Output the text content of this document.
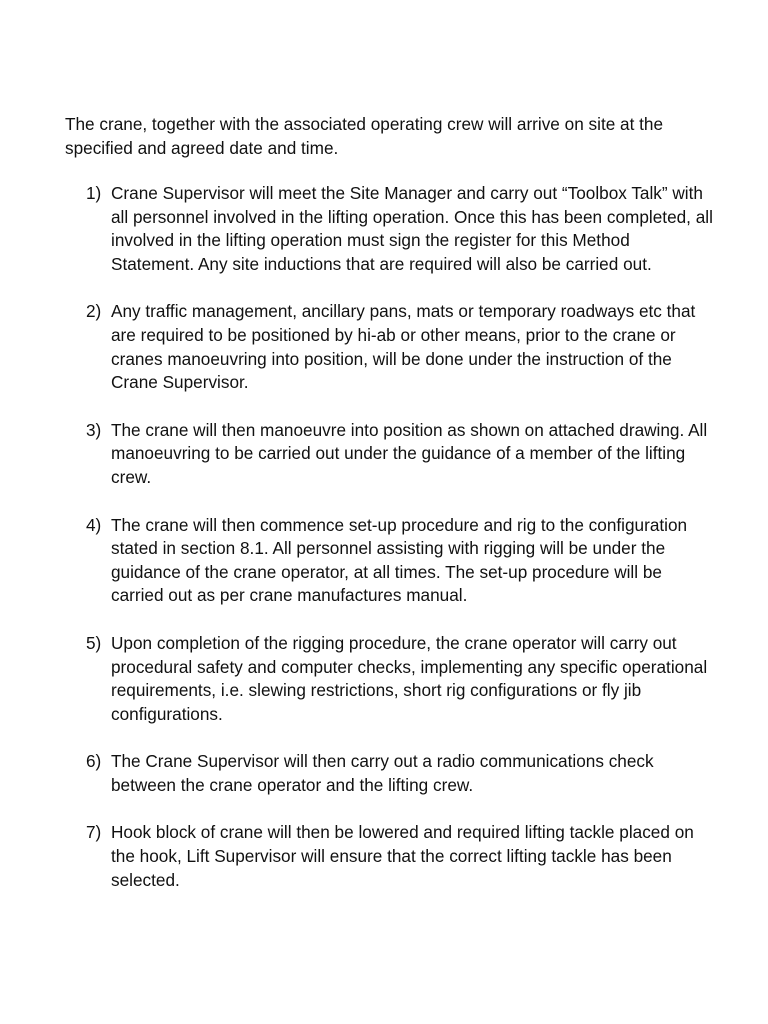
The crane, together with the associated operating crew will arrive on site at the specified and agreed date and time.

1) Crane Supervisor will meet the Site Manager and carry out “Toolbox Talk” with all personnel involved in the lifting operation. Once this has been completed, all involved in the lifting operation must sign the register for this Method Statement. Any site inductions that are required will also be carried out.
2) Any traffic management, ancillary pans, mats or temporary roadways etc that are required to be positioned by hi-ab or other means, prior to the crane or cranes manoeuvring into position, will be done under the instruction of the Crane Supervisor.
3) The crane will then manoeuvre into position as shown on attached drawing. All manoeuvring to be carried out under the guidance of a member of the lifting crew.
4) The crane will then commence set-up procedure and rig to the configuration stated in section 8.1. All personnel assisting with rigging will be under the guidance of the crane operator, at all times. The set-up procedure will be carried out as per crane manufactures manual.
5) Upon completion of the rigging procedure, the crane operator will carry out procedural safety and computer checks, implementing any specific operational requirements, i.e. slewing restrictions, short rig configurations or fly jib configurations.
6) The Crane Supervisor will then carry out a radio communications check between the crane operator and the lifting crew.
7) Hook block of crane will then be lowered and required lifting tackle placed on the hook, Lift Supervisor will ensure that the correct lifting tackle has been selected.
